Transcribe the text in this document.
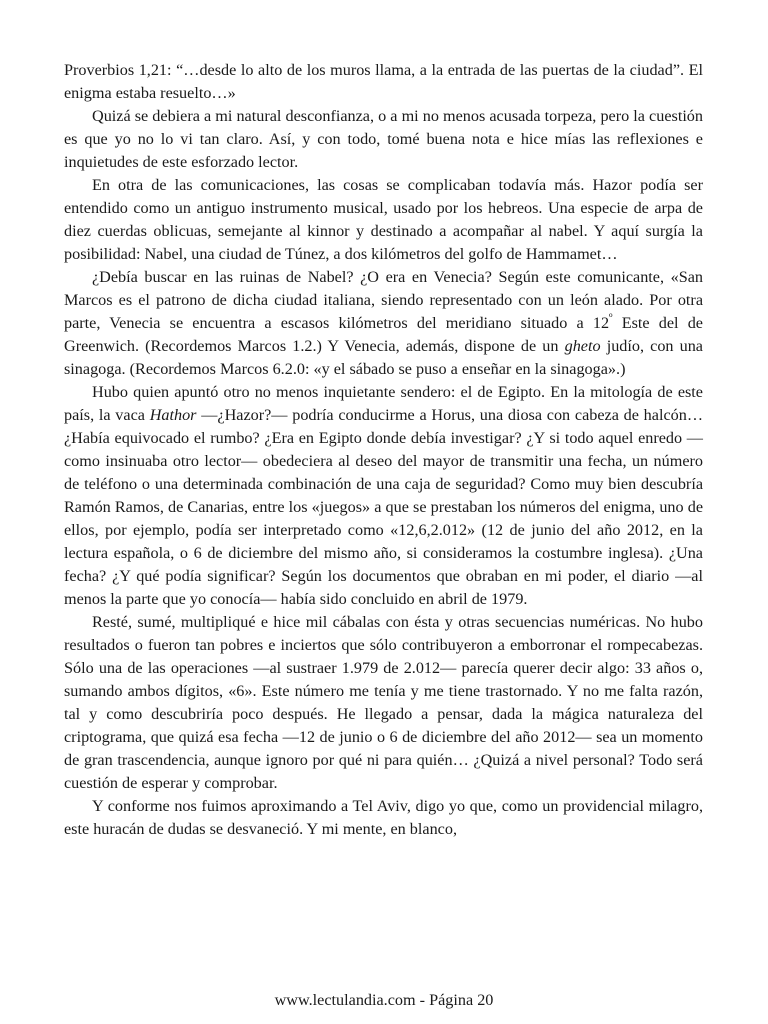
Proverbios 1,21: “…desde lo alto de los muros llama, a la entrada de las puertas de la ciudad”. El enigma estaba resuelto…»

Quizá se debiera a mi natural desconfianza, o a mi no menos acusada torpeza, pero la cuestión es que yo no lo vi tan claro. Así, y con todo, tomé buena nota e hice mías las reflexiones e inquietudes de este esforzado lector.

En otra de las comunicaciones, las cosas se complicaban todavía más. Hazor podía ser entendido como un antiguo instrumento musical, usado por los hebreos. Una especie de arpa de diez cuerdas oblicuas, semejante al kinnor y destinado a acompañar al nabel. Y aquí surgía la posibilidad: Nabel, una ciudad de Túnez, a dos kilómetros del golfo de Hammamet…

¿Debía buscar en las ruinas de Nabel? ¿O era en Venecia? Según este comunicante, «San Marcos es el patrono de dicha ciudad italiana, siendo representado con un león alado. Por otra parte, Venecia se encuentra a escasos kilómetros del meridiano situado a $12^º$ Este del de Greenwich. (Recordemos Marcos 1.2.) Y Venecia, además, dispone de un gheto judío, con una sinagoga. (Recordemos Marcos 6.2.0: «y el sábado se puso a enseñar en la sinagoga».)

Hubo quien apuntó otro no menos inquietante sendero: el de Egipto. En la mitología de este país, la vaca Hathor —¿Hazor?— podría conducirme a Horus, una diosa con cabeza de halcón… ¿Había equivocado el rumbo? ¿Era en Egipto donde debía investigar? ¿Y si todo aquel enredo —como insinuaba otro lector— obedeciera al deseo del mayor de transmitir una fecha, un número de teléfono o una determinada combinación de una caja de seguridad? Como muy bien descubría Ramón Ramos, de Canarias, entre los «juegos» a que se prestaban los números del enigma, uno de ellos, por ejemplo, podía ser interpretado como «12,6,2.012» (12 de junio del año 2012, en la lectura española, o 6 de diciembre del mismo año, si consideramos la costumbre inglesa). ¿Una fecha? ¿Y qué podía significar? Según los documentos que obraban en mi poder, el diario —al menos la parte que yo conocía— había sido concluido en abril de 1979.

Resté, sumé, multipliqué e hice mil cábalas con ésta y otras secuencias numéricas. No hubo resultados o fueron tan pobres e inciertos que sólo contribuyeron a emborronar el rompecabezas. Sólo una de las operaciones —al sustraer 1.979 de 2.012— parecía querer decir algo: 33 años o, sumando ambos dígitos, «6». Este número me tenía y me tiene trastornado. Y no me falta razón, tal y como descubriría poco después. He llegado a pensar, dada la mágica naturaleza del criptograma, que quizá esa fecha —12 de junio o 6 de diciembre del año 2012— sea un momento de gran trascendencia, aunque ignoro por qué ni para quién… ¿Quizá a nivel personal? Todo será cuestión de esperar y comprobar.

Y conforme nos fuimos aproximando a Tel Aviv, digo yo que, como un providencial milagro, este huracán de dudas se desvaneció. Y mi mente, en blanco,

www.lectulandia.com - Página 20
